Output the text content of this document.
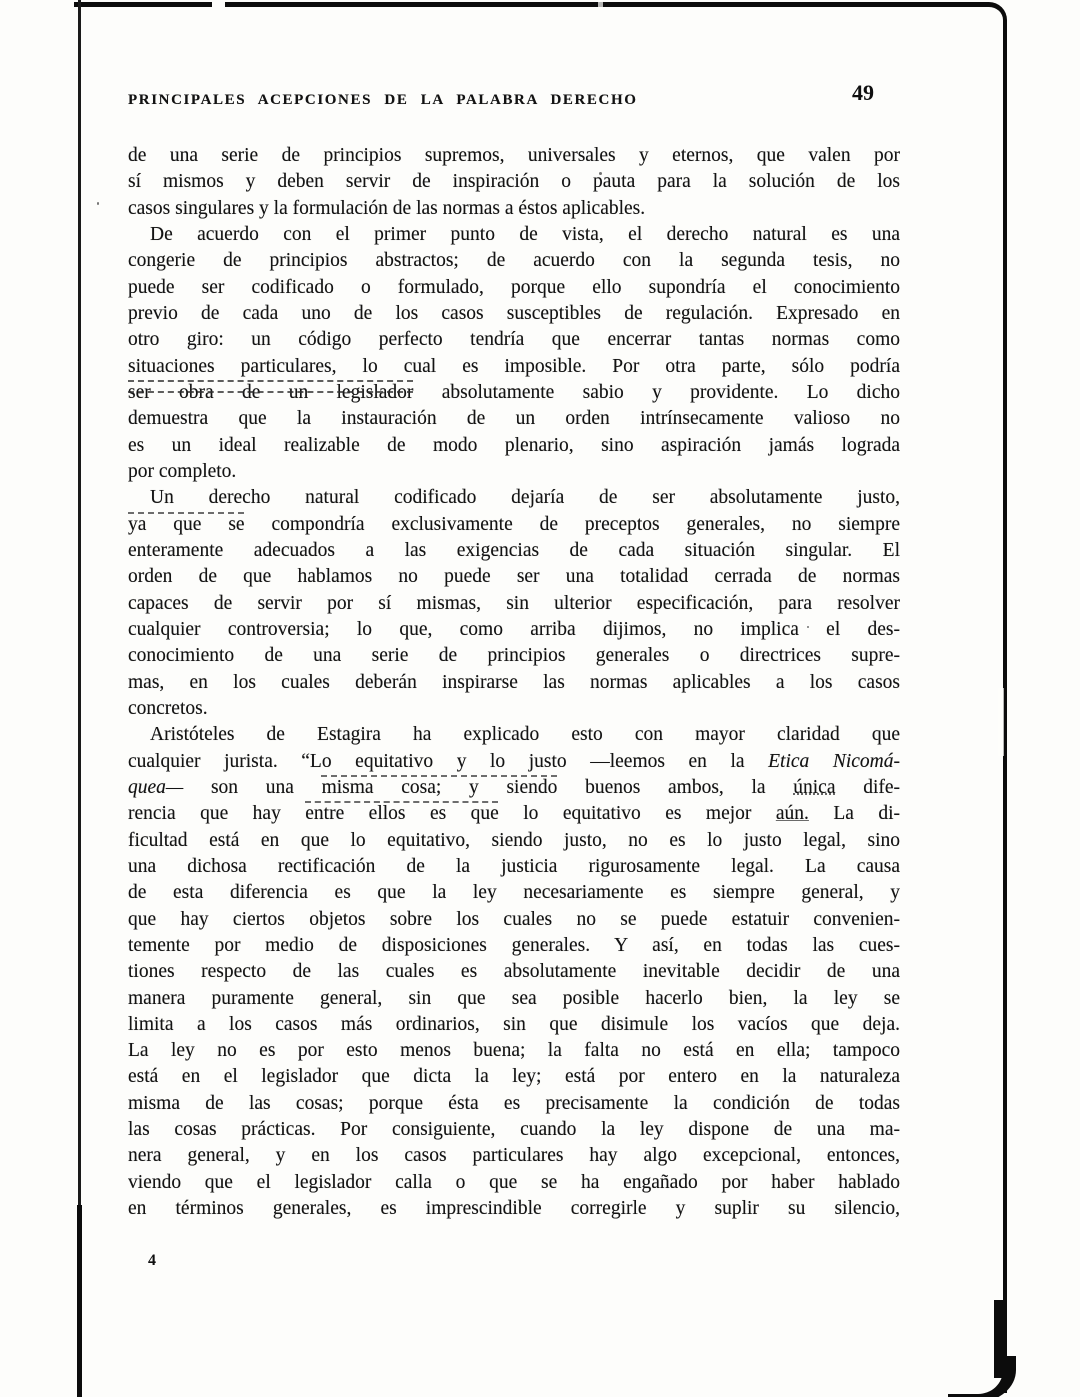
PRINCIPALES ACEPCIONES DE LA PALABRA DERECHO	49
de una serie de principios supremos, universales y eternos, que valen por
sí mismos y deben servir de inspiración o pauta para la solución de los
casos singulares y la formulación de las normas a éstos aplicables.
De acuerdo con el primer punto de vista, el derecho natural es una
congerie de principios abstractos; de acuerdo con la segunda tesis, no
puede ser codificado o formulado, porque ello supondría el conocimiento
previo de cada uno de los casos susceptibles de regulación. Expresado en
otro giro: un código perfecto tendría que encerrar tantas normas como
situaciones particulares, lo cual es imposible. Por otra parte, sólo podría
ser obra de un legislador absolutamente sabio y providente. Lo dicho
demuestra que la instauración de un orden intrínsecamente valioso no
es un ideal realizable de modo plenario, sino aspiración jamás lograda
por completo.
Un derecho natural codificado dejaría de ser absolutamente justo,
ya que se compondría exclusivamente de preceptos generales, no siempre
enteramente adecuados a las exigencias de cada situación singular. El
orden de que hablamos no puede ser una totalidad cerrada de normas
capaces de servir por sí mismas, sin ulterior especificación, para resolver
cualquier controversia; lo que, como arriba dijimos, no implica el des-
conocimiento de una serie de principios generales o directrices supre-
mas, en los cuales deberán inspirarse las normas aplicables a los casos
concretos.
Aristóteles de Estagira ha explicado esto con mayor claridad que
cualquier jurista. “Lo equitativo y lo justo —leemos en la Etica Nicomá-
quea— son una misma cosa; y siendo buenos ambos, la única dife-
rencia que hay entre ellos es que lo equitativo es mejor aún. La di-
ficultad está en que lo equitativo, siendo justo, no es lo justo legal, sino
una dichosa rectificación de la justicia rigurosamente legal. La causa
de esta diferencia es que la ley necesariamente es siempre general, y
que hay ciertos objetos sobre los cuales no se puede estatuir convenien-
temente por medio de disposiciones generales. Y así, en todas las cues-
tiones respecto de las cuales es absolutamente inevitable decidir de una
manera puramente general, sin que sea posible hacerlo bien, la ley se
limita a los casos más ordinarios, sin que disimule los vacíos que deja.
La ley no es por esto menos buena; la falta no está en ella; tampoco
está en el legislador que dicta la ley; está por entero en la naturaleza
misma de las cosas; porque ésta es precisamente la condición de todas
las cosas prácticas. Por consiguiente, cuando la ley dispone de una ma-
nera general, y en los casos particulares hay algo excepcional, entonces,
viendo que el legislador calla o que se ha engañado por haber hablado
en términos generales, es imprescindible corregirle y suplir su silencio,
4
